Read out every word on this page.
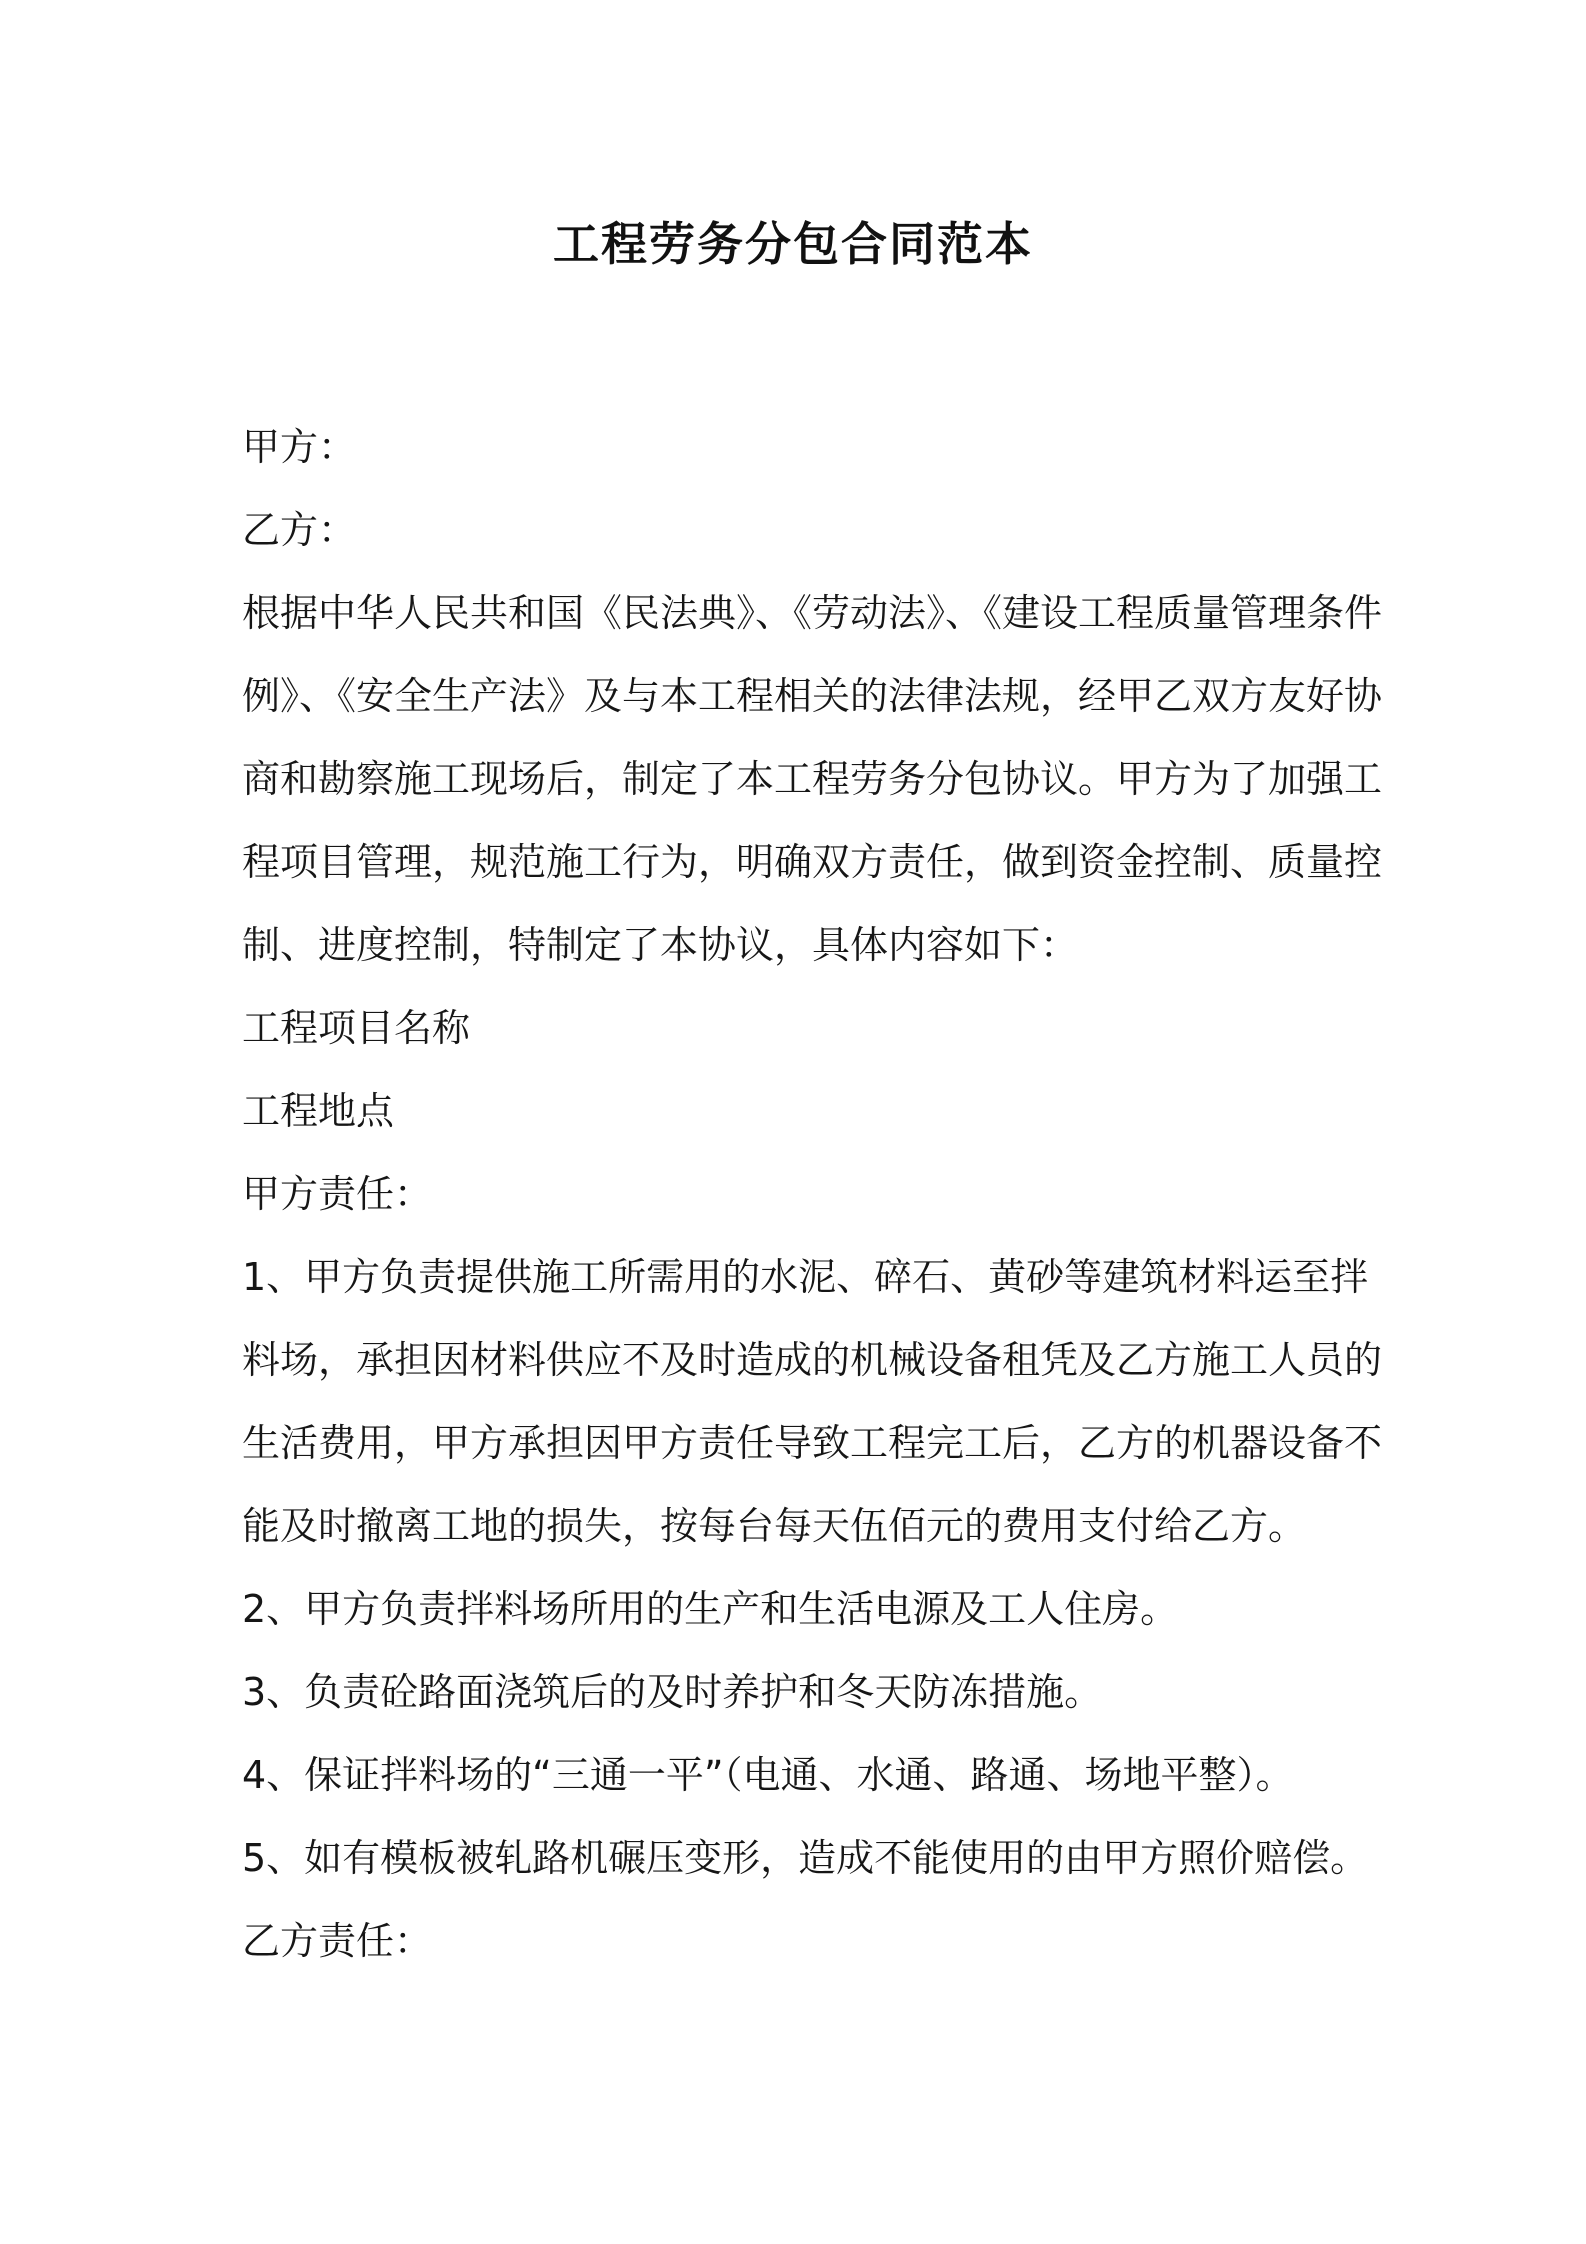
工程劳务分包合同范本
甲方：
乙方：
根据中华人民共和国《民法典》、《劳动法》、《建设工程质量管理条件
例》、《安全生产法》及与本工程相关的法律法规，经甲乙双方友好协
商和勘察施工现场后，制定了本工程劳务分包协议。甲方为了加强工
程项目管理，规范施工行为，明确双方责任，做到资金控制、质量控
制、进度控制，特制定了本协议，具体内容如下：
工程项目名称
工程地点
甲方责任：
1、甲方负责提供施工所需用的水泥、碎石、黄砂等建筑材料运至拌
料场，承担因材料供应不及时造成的机械设备租凭及乙方施工人员的
生活费用，甲方承担因甲方责任导致工程完工后，乙方的机器设备不
能及时撤离工地的损失，按每台每天伍佰元的费用支付给乙方。
2、甲方负责拌料场所用的生产和生活电源及工人住房。
3、负责砼路面浇筑后的及时养护和冬天防冻措施。
4、保证拌料场的“三通一平”（电通、水通、路通、场地平整）。
5、如有模板被轧路机碾压变形，造成不能使用的由甲方照价赔偿。
乙方责任：
